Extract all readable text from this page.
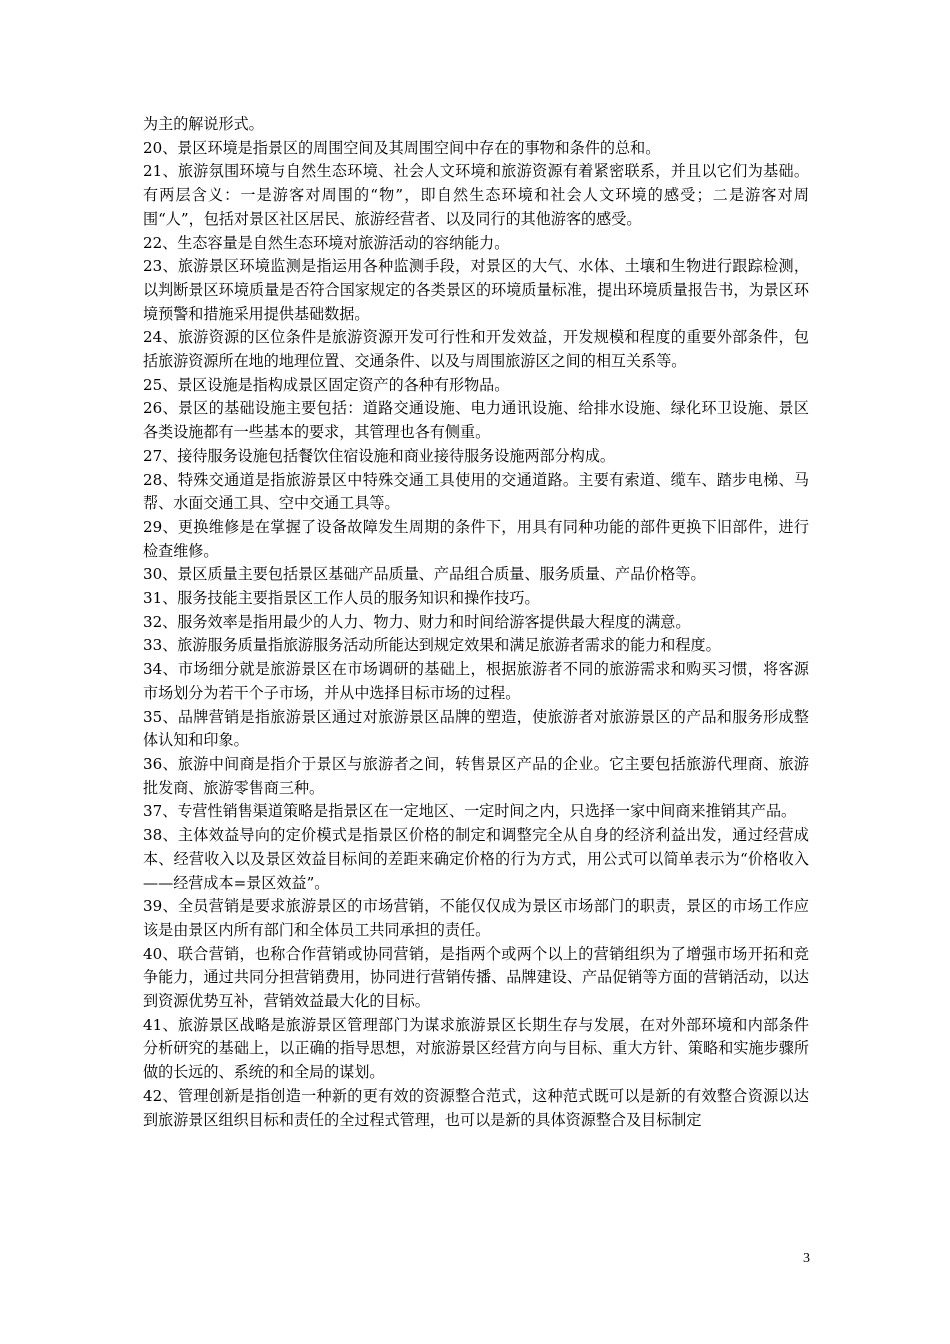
为主的解说形式。

20、景区环境是指景区的周围空间及其周围空间中存在的事物和条件的总和。

21、旅游氛围环境与自然生态环境、社会人文环境和旅游资源有着紧密联系，并且以它们为基础。有两层含义：一是游客对周围的“物”，即自然生态环境和社会人文环境的感受；二是游客对周围“人”，包括对景区社区居民、旅游经营者、以及同行的其他游客的感受。

22、生态容量是自然生态环境对旅游活动的容纳能力。

23、旅游景区环境监测是指运用各种监测手段，对景区的大气、水体、土壤和生物进行跟踪检测，以判断景区环境质量是否符合国家规定的各类景区的环境质量标准，提出环境质量报告书，为景区环境预警和措施采用提供基础数据。

24、旅游资源的区位条件是旅游资源开发可行性和开发效益，开发规模和程度的重要外部条件，包括旅游资源所在地的地理位置、交通条件、以及与周围旅游区之间的相互关系等。

25、景区设施是指构成景区固定资产的各种有形物品。

26、景区的基础设施主要包括：道路交通设施、电力通讯设施、给排水设施、绿化环卫设施、景区各类设施都有一些基本的要求，其管理也各有侧重。

27、接待服务设施包括餐饮住宿设施和商业接待服务设施两部分构成。

28、特殊交通道是指旅游景区中特殊交通工具使用的交通道路。主要有索道、缆车、踏步电梯、马帮、水面交通工具、空中交通工具等。

29、更换维修是在掌握了设备故障发生周期的条件下，用具有同种功能的部件更换下旧部件，进行检查维修。

30、景区质量主要包括景区基础产品质量、产品组合质量、服务质量、产品价格等。

31、服务技能主要指景区工作人员的服务知识和操作技巧。

32、服务效率是指用最少的人力、物力、财力和时间给游客提供最大程度的满意。

33、旅游服务质量指旅游服务活动所能达到规定效果和满足旅游者需求的能力和程度。

34、市场细分就是旅游景区在市场调研的基础上，根据旅游者不同的旅游需求和购买习惯，将客源市场划分为若干个子市场，并从中选择目标市场的过程。

35、品牌营销是指旅游景区通过对旅游景区品牌的塑造，使旅游者对旅游景区的产品和服务形成整体认知和印象。

36、旅游中间商是指介于景区与旅游者之间，转售景区产品的企业。它主要包括旅游代理商、旅游批发商、旅游零售商三种。

37、专营性销售渠道策略是指景区在一定地区、一定时间之内，只选择一家中间商来推销其产品。

38、主体效益导向的定价模式是指景区价格的制定和调整完全从自身的经济利益出发，通过经营成本、经营收入以及景区效益目标间的差距来确定价格的行为方式，用公式可以简单表示为“价格收入——经营成本=景区效益”。

39、全员营销是要求旅游景区的市场营销，不能仅仅成为景区市场部门的职责，景区的市场工作应该是由景区内所有部门和全体员工共同承担的责任。

40、联合营销，也称合作营销或协同营销，是指两个或两个以上的营销组织为了增强市场开拓和竞争能力，通过共同分担营销费用，协同进行营销传播、品牌建设、产品促销等方面的营销活动，以达到资源优势互补，营销效益最大化的目标。

41、旅游景区战略是旅游景区管理部门为谋求旅游景区长期生存与发展，在对外部环境和内部条件分析研究的基础上，以正确的指导思想，对旅游景区经营方向与目标、重大方针、策略和实施步骤所做的长远的、系统的和全局的谋划。

42、管理创新是指创造一种新的更有效的资源整合范式，这种范式既可以是新的有效整合资源以达到旅游景区组织目标和责任的全过程式管理，也可以是新的具体资源整合及目标制定

3
